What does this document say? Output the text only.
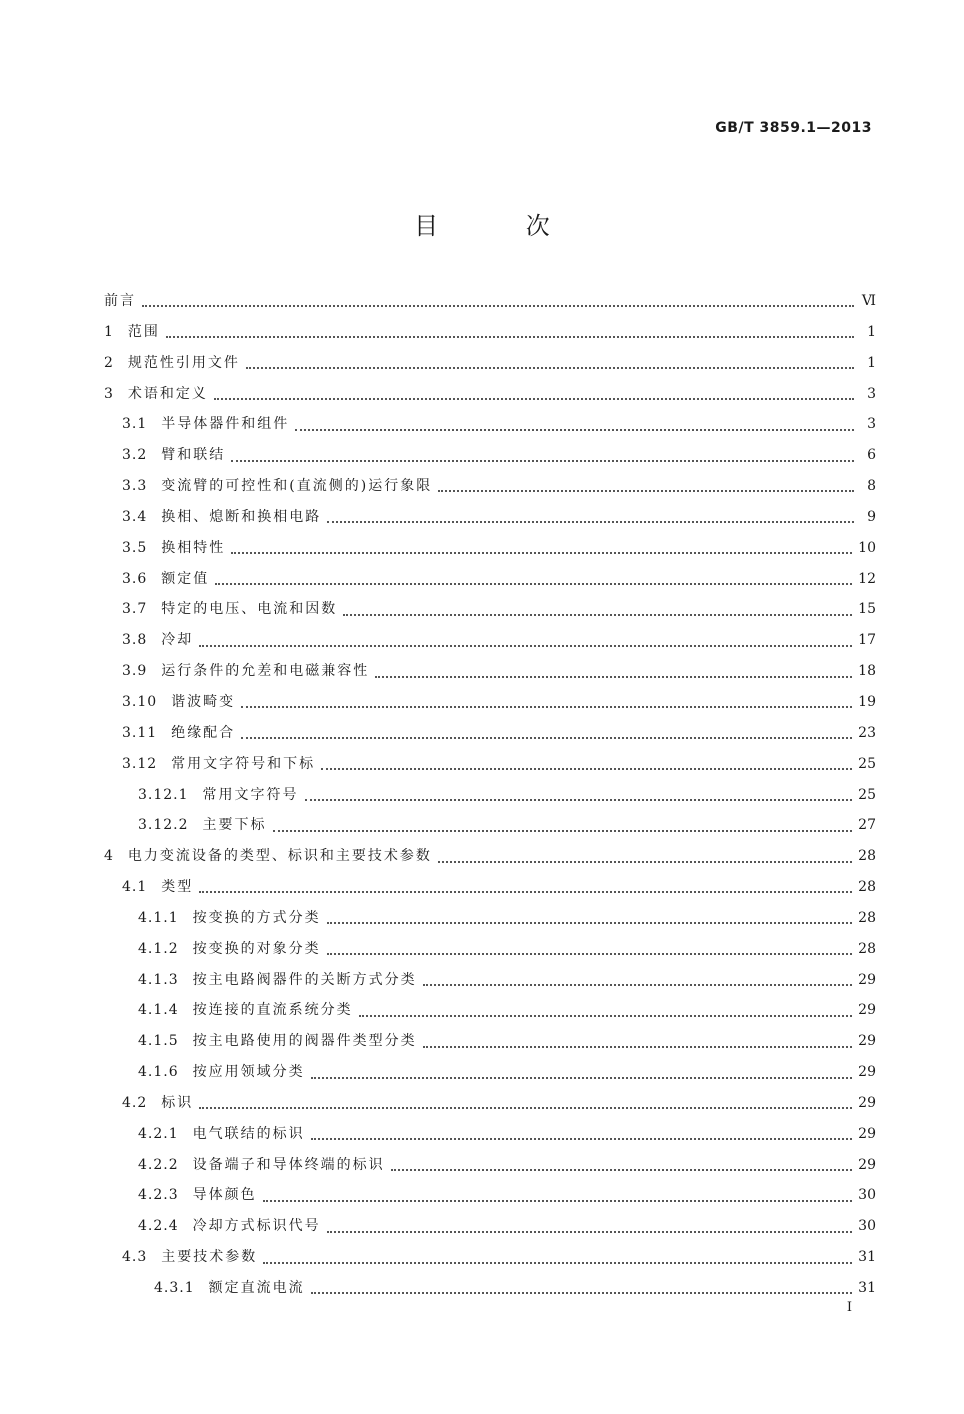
GB/T 3859.1—2013
目 次
前言	Ⅵ
1 范围	1
2 规范性引用文件	1
3 术语和定义	3
3.1 半导体器件和组件	3
3.2 臂和联结	6
3.3 变流臂的可控性和(直流侧的)运行象限	8
3.4 换相、熄断和换相电路	9
3.5 换相特性	10
3.6 额定值	12
3.7 特定的电压、电流和因数	15
3.8 冷却	17
3.9 运行条件的允差和电磁兼容性	18
3.10 谐波畸变	19
3.11 绝缘配合	23
3.12 常用文字符号和下标	25
3.12.1 常用文字符号	25
3.12.2 主要下标	27
4 电力变流设备的类型、标识和主要技术参数	28
4.1 类型	28
4.1.1 按变换的方式分类	28
4.1.2 按变换的对象分类	28
4.1.3 按主电路阀器件的关断方式分类	29
4.1.4 按连接的直流系统分类	29
4.1.5 按主电路使用的阀器件类型分类	29
4.1.6 按应用领域分类	29
4.2 标识	29
4.2.1 电气联结的标识	29
4.2.2 设备端子和导体终端的标识	29
4.2.3 导体颜色	30
4.2.4 冷却方式标识代号	30
4.3 主要技术参数	31
4.3.1 额定直流电流	31
I
